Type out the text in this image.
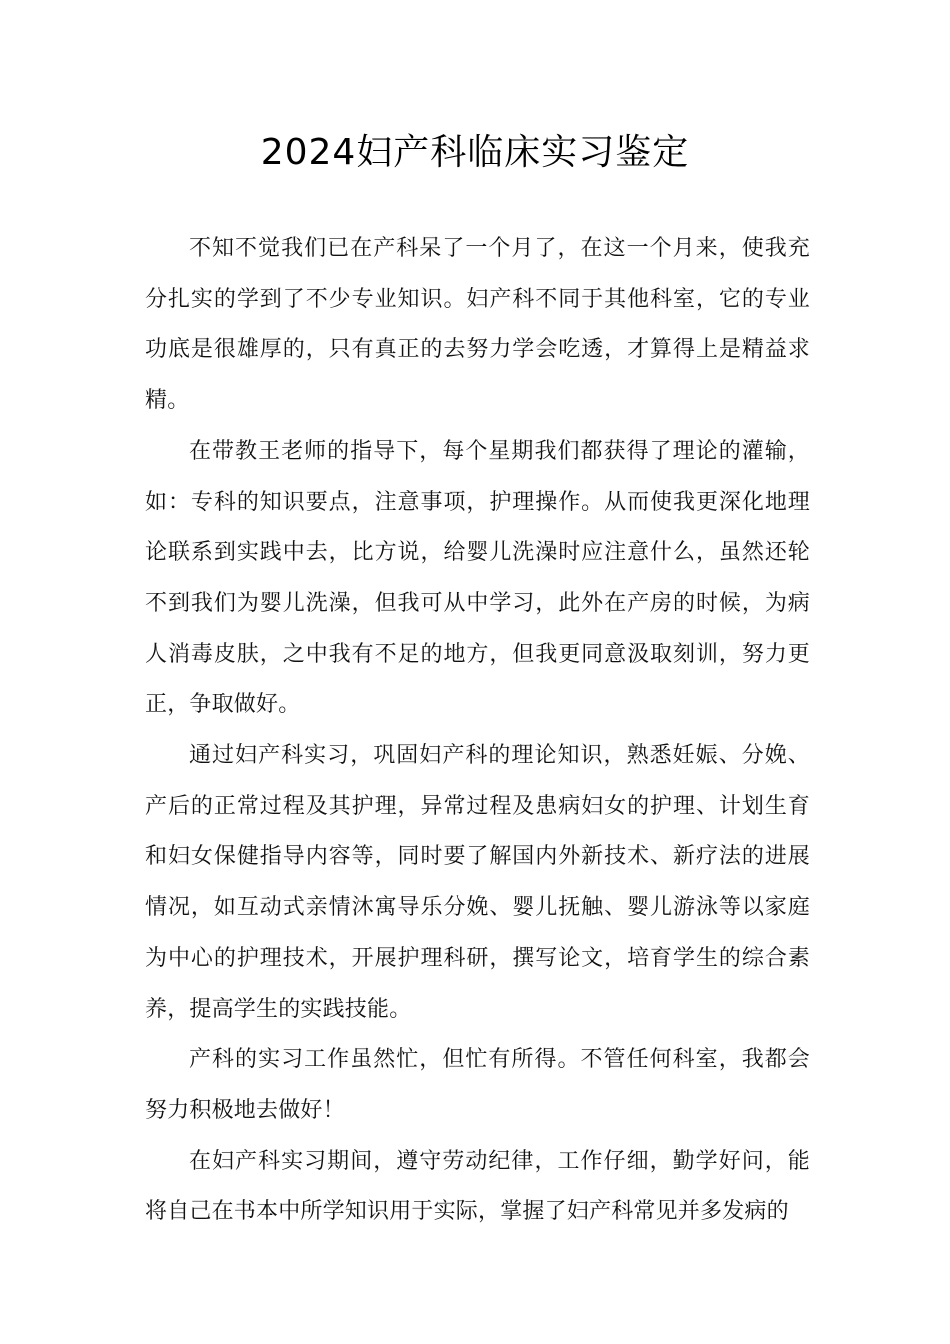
2024妇产科临床实习鉴定

不知不觉我们已在产科呆了一个月了，在这一个月来，使我充分扎实的学到了不少专业知识。妇产科不同于其他科室，它的专业功底是很雄厚的，只有真正的去努力学会吃透，才算得上是精益求精。

在带教王老师的指导下，每个星期我们都获得了理论的灌输，如：专科的知识要点，注意事项，护理操作。从而使我更深化地理论联系到实践中去，比方说，给婴儿洗澡时应注意什么，虽然还轮不到我们为婴儿洗澡，但我可从中学习，此外在产房的时候，为病人消毒皮肤，之中我有不足的地方，但我更同意汲取刻训，努力更正，争取做好。

通过妇产科实习，巩固妇产科的理论知识，熟悉妊娠、分娩、产后的正常过程及其护理，异常过程及患病妇女的护理、计划生育和妇女保健指导内容等，同时要了解国内外新技术、新疗法的进展情况，如互动式亲情沐寓导乐分娩、婴儿抚触、婴儿游泳等以家庭为中心的护理技术，开展护理科研，撰写论文，培育学生的综合素养，提高学生的实践技能。

产科的实习工作虽然忙，但忙有所得。不管任何科室，我都会努力积极地去做好！

在妇产科实习期间，遵守劳动纪律，工作仔细，勤学好问，能将自己在书本中所学知识用于实际，掌握了妇产科常见并多发病的
